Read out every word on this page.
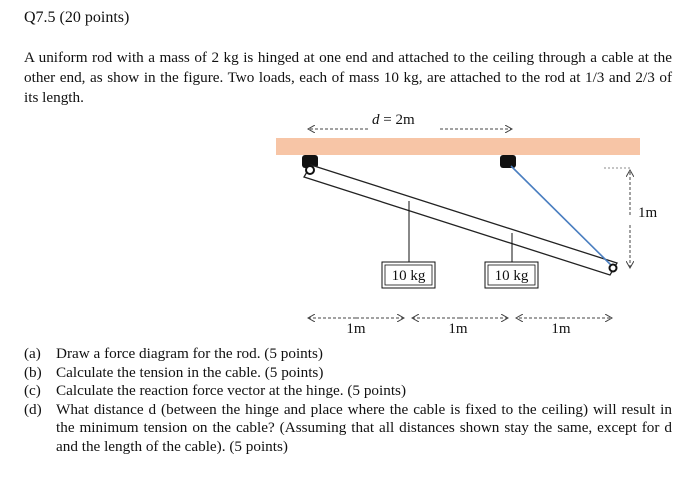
Q7.5 (20 points)
A uniform rod with a mass of 2 kg is hinged at one end and attached to the ceiling through a cable at the other end, as show in the figure. Two loads, each of mass 10 kg, are attached to the rod at 1/3 and 2/3 of its length.
d = 2m
1m
10 kg	10 kg
1m	1m	1m
(a) Draw a force diagram for the rod. (5 points)
(b) Calculate the tension in the cable. (5 points)
(c) Calculate the reaction force vector at the hinge. (5 points)
(d) What distance d (between the hinge and place where the cable is fixed to the ceiling) will result in the minimum tension on the cable? (Assuming that all distances shown stay the same, except for d and the length of the cable). (5 points)
